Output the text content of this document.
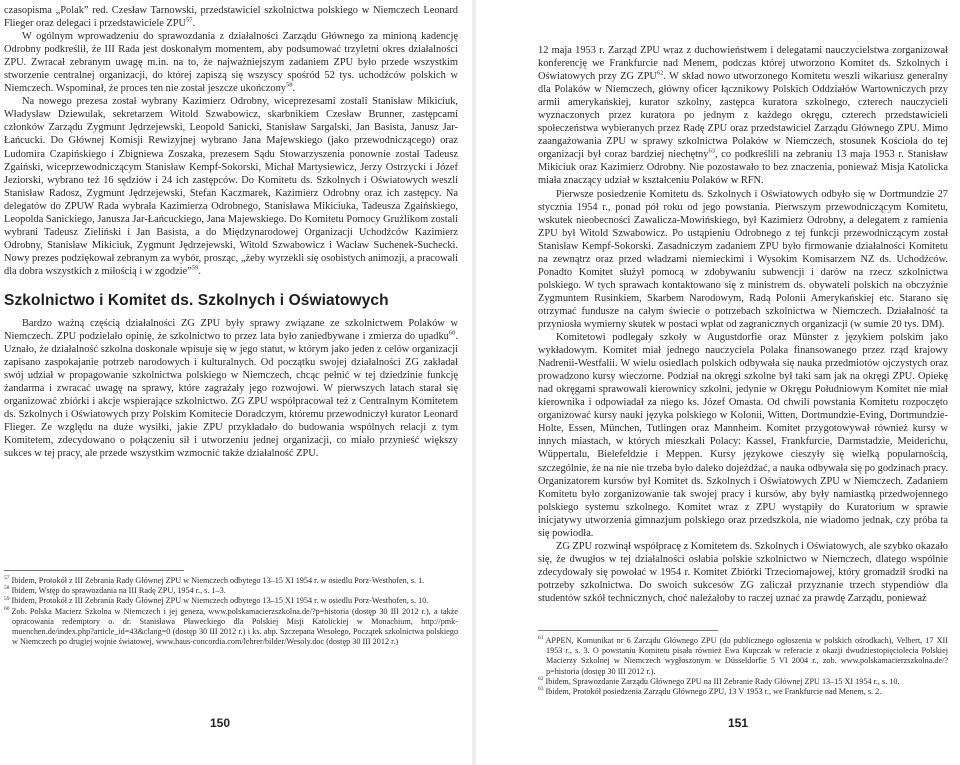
czasopisma „Polak” red. Czesław Tarnowski, przedstawiciel szkolnictwa polskiego w Niemczech Leonard Flieger oraz delegaci i przedstawiciele ZPU$^{57}$.

W ogólnym wprowadzeniu do sprawozdania z działalności Zarządu Głównego za minioną kadencję Odrobny podkreślił, że III Rada jest doskonałym momentem, aby podsumować trzyletni okres działalności ZPU. Zwracał zebranym uwagę m.in. na to, że najważniejszym zadaniem ZPU było przede wszystkim stworzenie centralnej organizacji, do której zapiszą się wszyscy spośród 52 tys. uchodźców polskich w Niemczech. Wspominał, że proces ten nie został jeszcze ukończony$^{58}$.

Na nowego prezesa został wybrany Kazimierz Odrobny, wiceprezesami zostali Stanisław Mikiciuk, Władysław Dziewulak, sekretarzem Witold Szwabowicz, skarbnikiem Czesław Brunner, zastępcami członków Zarządu Zygmunt Jędrzejewski, Leopold Sanicki, Stanisław Sargalski, Jan Basista, Janusz Jar-Łańcucki. Do Głównej Komisji Rewizyjnej wybrano Jana Majewskiego (jako przewodniczącego) oraz Ludomira Czapińskiego i Zbigniewa Zoszaka, prezesem Sądu Stowarzyszenia ponownie został Tadeusz Zgaiński, wiceprzewodniczącym Stanisław Kempf-Sokorski, Michał Martysiewicz, Jerzy Ostrzycki i Józef Jeziorski, wybrano też 16 sędziów i 24 ich zastępców. Do Komitetu ds. Szkolnych i Oświatowych weszli Stanisław Radosz, Zygmunt Jędrzejewski, Stefan Kaczmarek, Kazimierz Odrobny oraz ich zastępcy. Na delegatów do ZPUW Rada wybrała Kazimierza Odrobnego, Stanisława Mikiciuka, Tadeusza Zgaińskiego, Leopolda Sanickiego, Janusza Jar-Łańcuckiego, Jana Majewskiego. Do Komitetu Pomocy Grużlikom zostali wybrani Tadeusz Zieliński i Jan Basista, a do Międzynarodowej Organizacji Uchodźców Kazimierz Odrobny, Stanisław Mikiciuk, Zygmunt Jędrzejewski, Witold Szwabowicz i Wacław Suchenek-Suchecki. Nowy prezes podziękował zebranym za wybór, prosząc, „żeby wyrzekli się osobistych animozji, a pracowali dla dobra wszystkich z miłością i w zgodzie”$^{59}$.

Szkolnictwo i Komitet ds. Szkolnych i Oświatowych

Bardzo ważną częścią działalności ZG ZPU były sprawy związane ze szkolnictwem Polaków w Niemczech. ZPU podzielało opinię, że szkolnictwo to przez lata było zaniedbywane i zmierza do upadku$^{60}$. Uznało, że działalność szkolna doskonale wpisuje się w jego statut, w którym jako jeden z celów organizacji zapisano zaspokajanie potrzeb narodowych i kulturalnych. Od początku swojej działalności ZG zakładał swój udział w propagowanie szkolnictwa polskiego w Niemczech, chcąc pełnić w tej dziedzinie funkcję żandarma i zwracać uwagę na sprawy, które zagrażały jego rozwojowi. W pierwszych latach starał się organizować zbiórki i akcje wspierające szkolnictwo. ZG ZPU współpracował też z Centralnym Komitetem ds. Szkolnych i Oświatowych przy Polskim Komitecie Doradczym, któremu przewodniczył kurator Leonard Flieger. Ze względu na duże wysiłki, jakie ZPU przykładało do budowania wspólnych relacji z tym Komitetem, zdecydowano o połączeniu sił i utworzeniu jednej organizacji, co miało przynieść większy sukces w tej pracy, ale przede wszystkim wzmocnić także działalność ZPU.

$^{57}$ Ibidem, Protokół z III Zebrania Rady Głównej ZPU w Niemczech odbytego 13–15 XI 1954 r. w osiedlu Porz-Westhofen, s. 1.

$^{58}$ Ibidem, Wstęp do sprawozdania na III Radę ZPU, 1954 r., s. 1–3.

$^{59}$ Ibidem, Protokół z III Zebrania Rady Głównej ZPU w Niemczech odbytego 13–15 XI 1954 r. w osiedlu Porz-Westhofen, s. 10.

$^{60}$ Zob. Polska Macierz Szkolna w Niemczech i jej geneza, www.polskamacierzszkolna.de/?p=historia (dostęp 30 III 2012 r.), a także opracowania redemptory o. dr. Stanisława Pławeckiego dla Polskiej Misji Katolickiej w Monachium, http://pmk-muenchen.de/index.php?article_id=43&clang=0 (dostęp 30 III 2012 r.) i ks. abp. Szczepana Wesołego, Początek szkolnictwa polskiego w Niemczech po drugiej wojnie światowej, www.haus-concordia.com/lehrer/bilder/Wesoly.doc (dostęp 30 III 2012 r.)

150

12 maja 1953 r. Zarząd ZPU wraz z duchowieństwem i delegatami nauczycielstwa zorganizował konferencję we Frankfurcie nad Menem, podczas której utworzono Komitet ds. Szkolnych i Oświatowych przy ZG ZPU$^{62}$. W skład nowo utworzonego Komitetu weszli wikariusz generalny dla Polaków w Niemczech, główny oficer łącznikowy Polskich Oddziałów Wartowniczych przy armii amerykańskiej, kurator szkolny, zastępca kuratora szkolnego, czterech nauczycieli wyznaczonych przez kuratora po jednym z każdego okręgu, czterech przedstawicieli społeczeństwa wybieranych przez Radę ZPU oraz przedstawiciel Zarządu Głównego ZPU. Mimo zaangażowania ZPU w sprawy szkolnictwa Polaków w Niemczech, stosunek Kościoła do tej organizacji był coraz bardziej niechętny$^{63}$, co podkreślili na zebraniu 13 maja 1953 r. Stanisław Mikiciuk oraz Kazimierz Odrobny. Nie pozostawało to bez znaczenia, ponieważ Misja Katolicka miała znaczący udział w kształceniu Polaków w RFN.

Pierwsze posiedzenie Komitetu ds. Szkolnych i Oświatowych odbyło się w Dortmundzie 27 stycznia 1954 r., ponad pół roku od jego powstania. Pierwszym przewodniczącym Komitetu, wskutek nieobecności Zawalicza-Mowińskiego, był Kazimierz Odrobny, a delegatem z ramienia ZPU był Witold Szwabowicz. Po ustąpieniu Odrobnego z tej funkcji przewodniczącym został Stanisław Kempf-Sokorski. Zasadniczym zadaniem ZPU było firmowanie działalności Komitetu na zewnątrz oraz przed władzami niemieckimi i Wysokim Komisarzem NZ ds. Uchodźców. Ponadto Komitet służył pomocą w zdobywaniu subwencji i darów na rzecz szkolnictwa polskiego. W tych sprawach kontaktowano się z ministrem ds. obywateli polskich na obczyźnie Zygmuntem Rusinkiem, Skarbem Narodowym, Radą Polonii Amerykańskiej etc. Starano się otrzymać fundusze na całym świecie o potrzebach szkolnictwa w Niemczech. Działalność ta przyniosła wymierny skutek w postaci wpłat od zagranicznych organizacji (w sumie 20 tys. DM).

Komitetowi podlegały szkoły w Augustdorfie oraz Münster z językiem polskim jako wykładowym. Komitet miał jednego nauczyciela Polaka finansowanego przez rząd krajowy Nadrenii-Westfalii. W wielu osiedlach polskich odbywała się nauka przedmiotów ojczystych oraz prowadzono kursy wieczorne. Podział na okręgi szkolne był taki sam jak na okręgi ZPU. Opiekę nad okręgami sprawowali kierownicy szkolni, jedynie w Okręgu Południowym Komitet nie miał kierownika i odpowiadał za niego ks. Józef Omasta. Od chwili powstania Komitetu rozpoczęto organizować kursy nauki języka polskiego w Kolonii, Witten, Dortmundzie-Eving, Dortmundzie-Holte, Essen, München, Tutlingen oraz Mannheim. Komitet przygotowywał również kursy w innych miastach, w których mieszkali Polacy: Kassel, Frankfurcie, Darmstadzie, Meiderichu, Wüppertalu, Bielefeldzie i Meppen. Kursy językowe cieszyły się wielką popularnością, szczególnie, że na nie nie trzeba było daleko dojeżdżać, a nauka odbywała się po godzinach pracy. Organizatorem kursów był Komitet ds. Szkolnych i Oświatowych ZPU w Niemczech. Zadaniem Komitetu było zorganizowanie tak swojej pracy i kursów, aby były namiastką przedwojennego polskiego systemu szkolnego. Komitet wraz z ZPU wystąpiły do Kuratorium w sprawie inicjatywy utworzenia gimnazjum polskiego oraz przedszkola, nie wiadomo jednak, czy próba ta się powiodła.

ZG ZPU rozwinął współpracę z Komitetem ds. Szkolnych i Oświatowych, ale szybko okazało się, że dwugłos w tej działalności osłabia polskie szkolnictwo w Niemczech, dlatego wspólnie zdecydowały się powołać w 1954 r. Komitet Zbiórki Trzeciomajowej, który gromadził środki na potrzeby szkolnictwa. Do swoich sukcesów ZG zaliczał przyznanie trzech stypendiów dla studentów szkół technicznych, choć należałoby to raczej uznać za prawdę Zarządu, ponieważ

$^{61}$ APPEN, Komunikat nr 6 Zarządu Głównego ZPU (do publicznego ogłoszenia w polskich ośrodkach), Velbert, 17 XII 1953 r., s. 3. O powstaniu Komitetu pisała również Ewa Kupczak w referacie z okazji dwudziestopięciolecia Polskiej Macierzy Szkolnej w Niemczech wygłoszonym w Düsseldorfie 5 VI 2004 r., zob. www.polskamacierzszkolna.de/?p=historia (dostęp 30 III 2012 r.).

$^{62}$ Ibidem, Sprawozdanie Zarządu Głównego ZPU na III Zebranie Rady Głównej ZPU 13–15 XI 1954 r., s. 10.

$^{63}$ Ibidem, Protokół posiedzenia Zarządu Głównego ZPU, 13 V 1953 r., we Frankfurcie nad Menem, s. 2.

151
